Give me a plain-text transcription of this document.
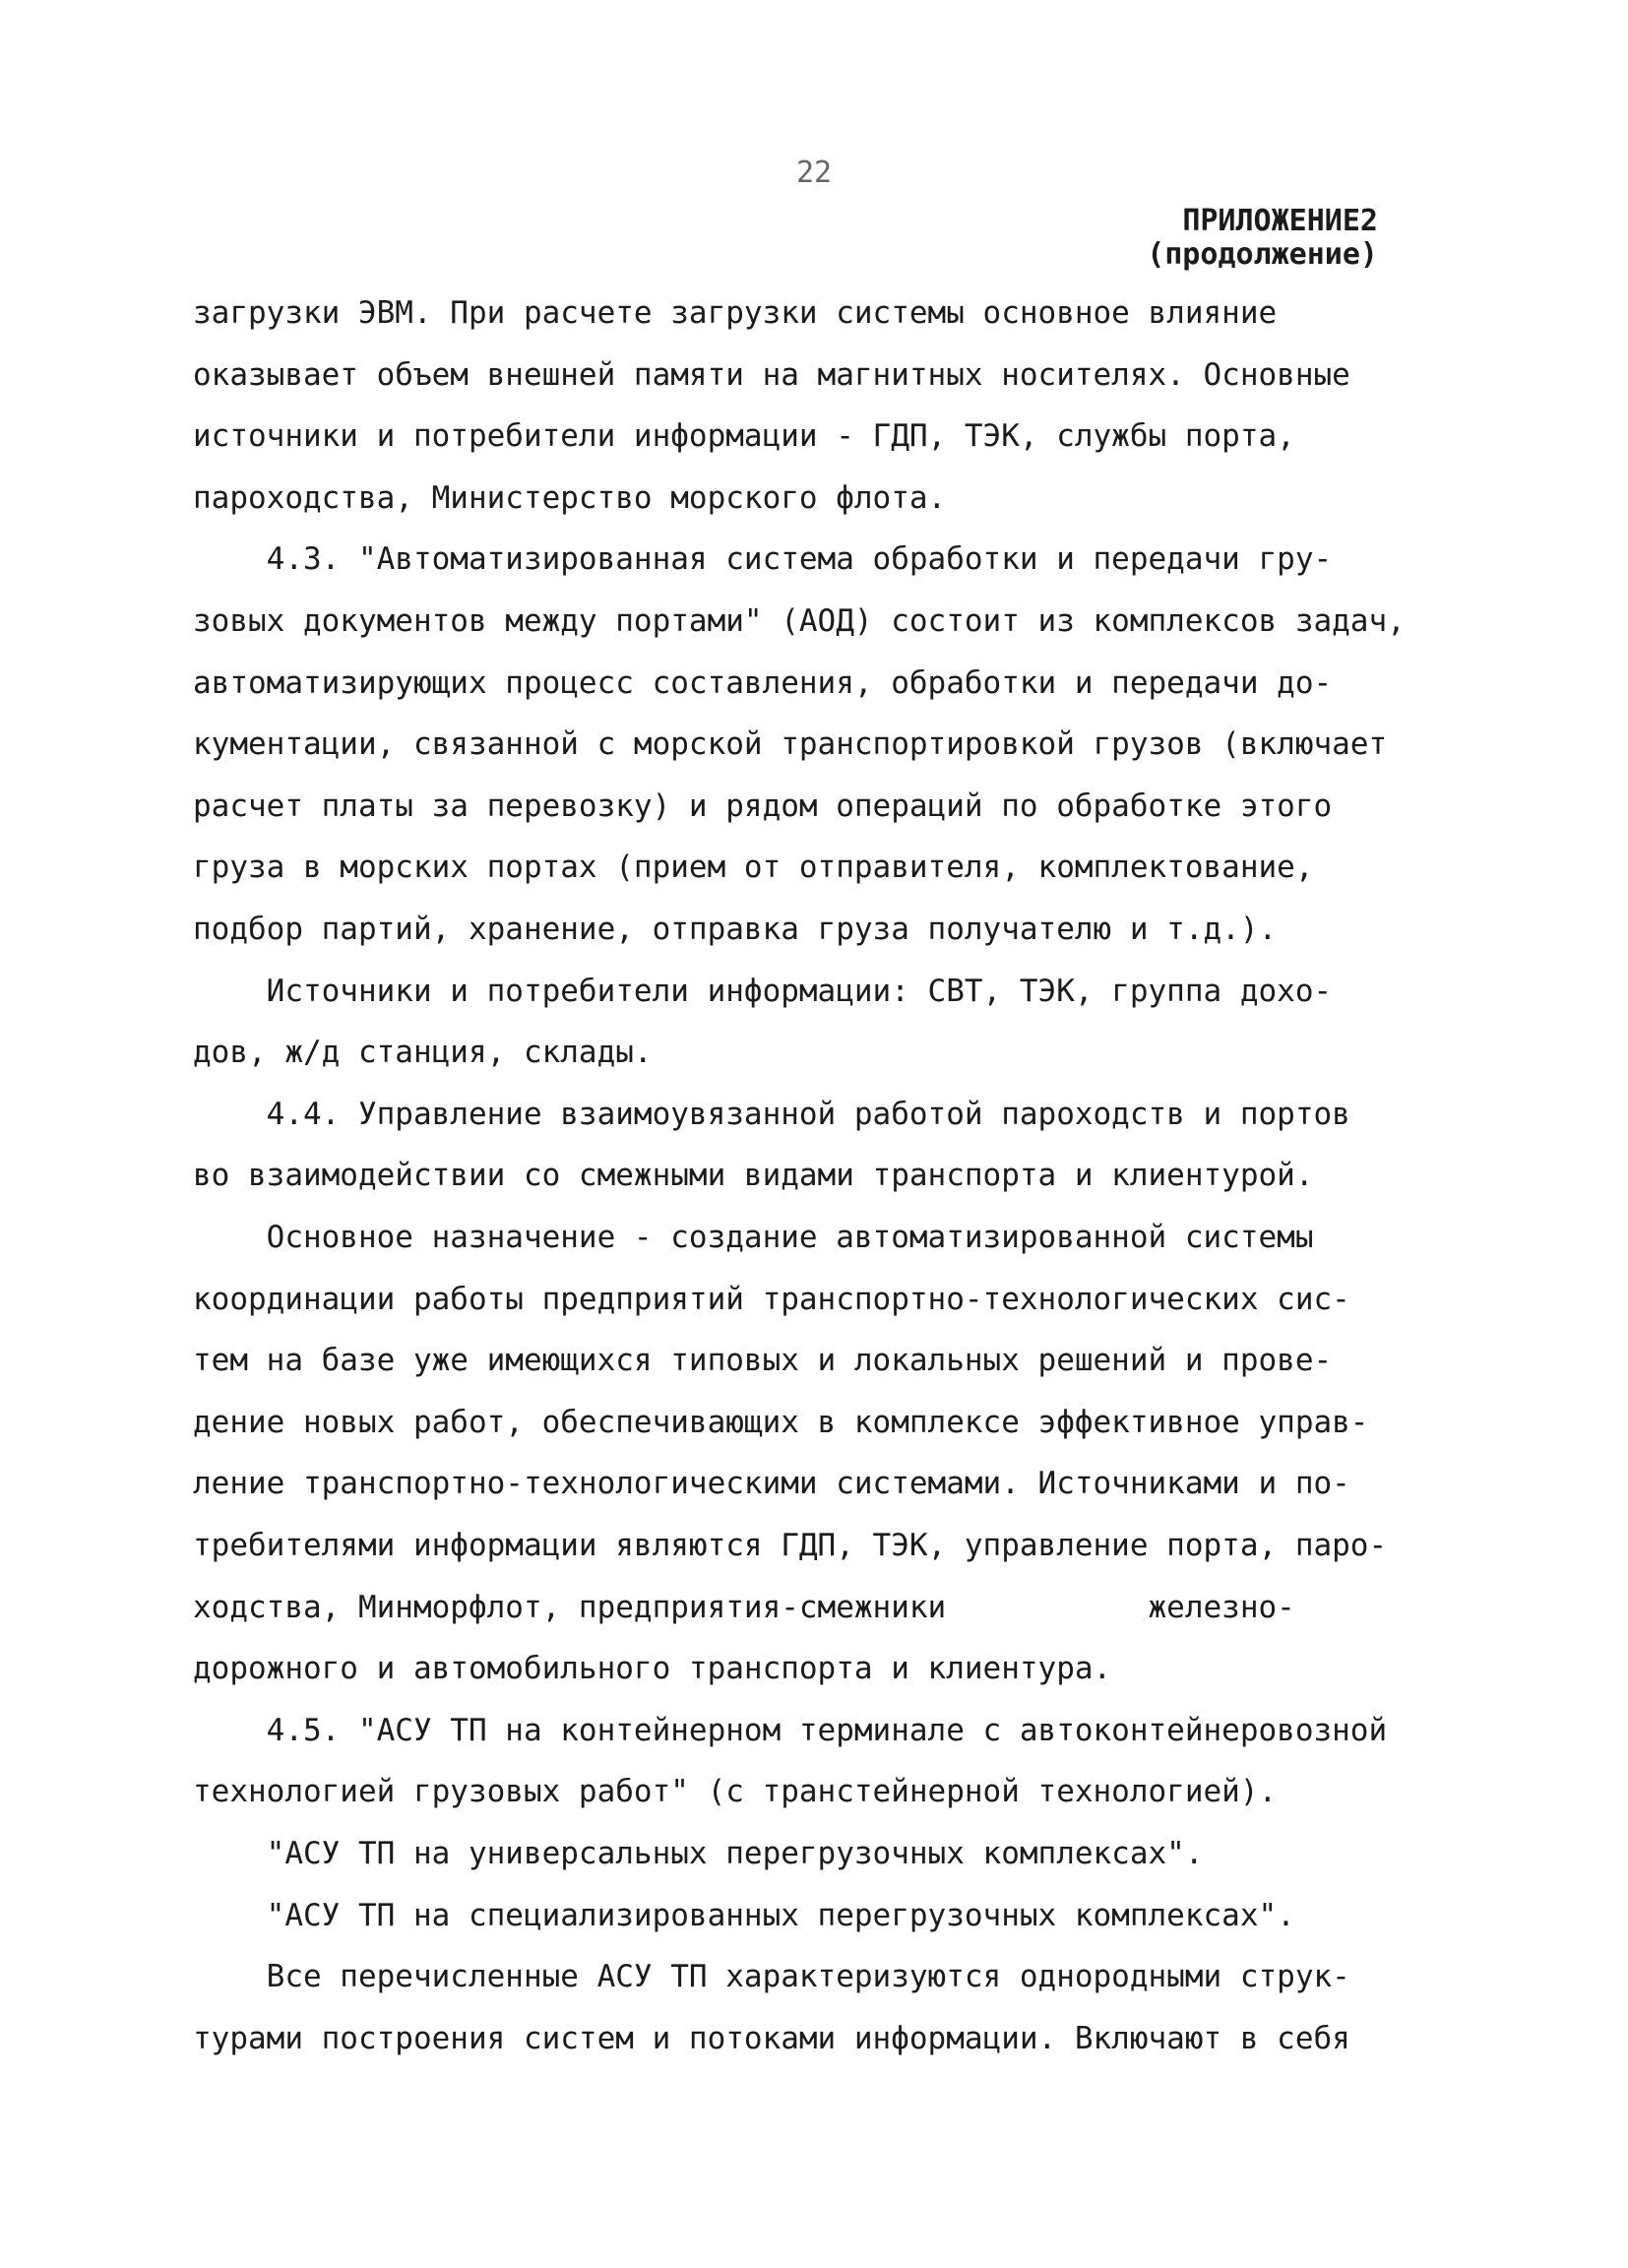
22
ПРИЛОЖЕНИЕ2
(продолжение)
загрузки ЭВМ. При расчете загрузки системы основное влияние
оказывает объем внешней памяти на магнитных носителях. Основные
источники и потребители информации - ГДП, ТЭК, службы порта,
пароходства, Министерство морского флота.
4.3. "Автоматизированная система обработки и передачи гру-
зовых документов между портами" (АОД) состоит из комплексов задач,
автоматизирующих процесс составления, обработки и передачи до-
кументации, связанной с морской транспортировкой грузов (включает
расчет платы за перевозку) и рядом операций по обработке этого
груза в морских портах (прием от отправителя, комплектование,
подбор партий, хранение, отправка груза получателю и т.д.).
Источники и потребители информации: СВТ, ТЭК, группа дохо-
дов, ж/д станция, склады.
4.4. Управление взаимоувязанной работой пароходств и портов
во взаимодействии со смежными видами транспорта и клиентурой.
Основное назначение - создание автоматизированной системы
координации работы предприятий транспортно-технологических сис-
тем на базе уже имеющихся типовых и локальных решений и прове-
дение новых работ, обеспечивающих в комплексе эффективное управ-
ление транспортно-технологическими системами. Источниками и по-
требителями информации являются ГДП, ТЭК, управление порта, паро-
ходства, Минморфлот, предприятия-смежники           железно-
дорожного и автомобильного транспорта и клиентура.
4.5. "АСУ ТП на контейнерном терминале с автоконтейнеровозной
технологией грузовых работ" (с транстейнерной технологией).
"АСУ ТП на универсальных перегрузочных комплексах".
"АСУ ТП на специализированных перегрузочных комплексах".
Все перечисленные АСУ ТП характеризуются однородными струк-
турами построения систем и потоками информации. Включают в себя
